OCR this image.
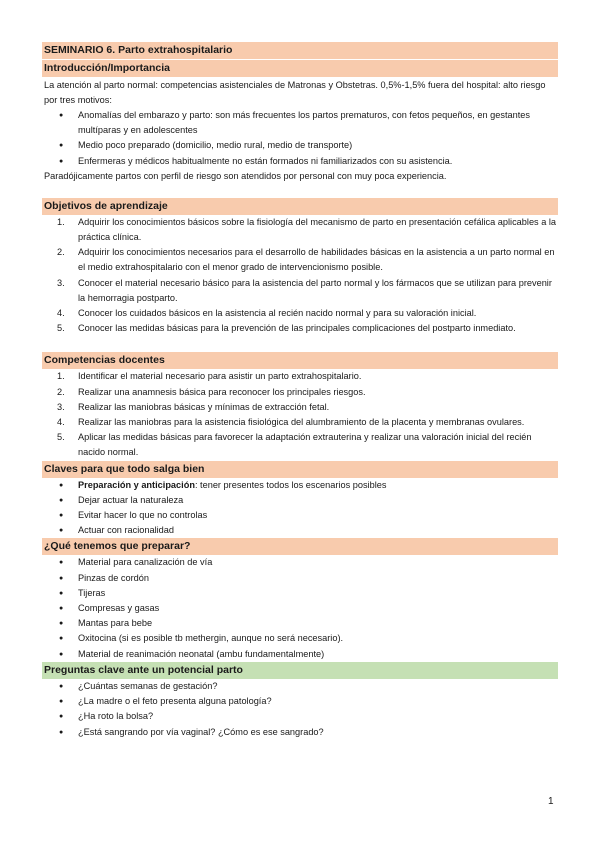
SEMINARIO 6. Parto extrahospitalario
Introducción/Importancia

La atención al parto normal: competencias asistenciales de Matronas y Obstetras. 0,5%-1,5% fuera del hospital: alto riesgo por tres motivos:

● Anomalías del embarazo y parto: son más frecuentes los partos prematuros, con fetos pequeños, en gestantes multíparas y en adolescentes
● Medio poco preparado (domicilio, medio rural, medio de transporte)
● Enfermeras y médicos habitualmente no están formados ni familiarizados con su asistencia.

Paradójicamente partos con perfil de riesgo son atendidos por personal con muy poca experiencia.

Objetivos de aprendizaje
1. Adquirir los conocimientos básicos sobre la fisiología del mecanismo de parto en presentación cefálica aplicables a la práctica clínica.
2. Adquirir los conocimientos necesarios para el desarrollo de habilidades básicas en la asistencia a un parto normal en el medio extrahospitalario con el menor grado de intervencionismo posible.
3. Conocer el material necesario básico para la asistencia del parto normal y los fármacos que se utilizan para prevenir la hemorragia postparto.
4. Conocer los cuidados básicos en la asistencia al recién nacido normal y para su valoración inicial.
5. Conocer las medidas básicas para la prevención de las principales complicaciones del postparto inmediato.
Competencias docentes
1. Identificar el material necesario para asistir un parto extrahospitalario.
2. Realizar una anamnesis básica para reconocer los principales riesgos.
3. Realizar las maniobras básicas y mínimas de extracción fetal.
4. Realizar las maniobras para la asistencia fisiológica del alumbramiento de la placenta y membranas ovulares.
5. Aplicar las medidas básicas para favorecer la adaptación extrauterina y realizar una valoración inicial del recién nacido normal.
Claves para que todo salga bien
● Preparación y anticipación: tener presentes todos los escenarios posibles
● Dejar actuar la naturaleza
● Evitar hacer lo que no controlas
● Actuar con racionalidad
¿Qué tenemos que preparar?
● Material para canalización de vía
● Pinzas de cordón
● Tijeras
● Compresas y gasas
● Mantas para bebe
● Oxitocina (si es posible tb methergin, aunque no será necesario).
● Material de reanimación neonatal (ambu fundamentalmente)
Preguntas clave ante un potencial parto
● ¿Cuántas semanas de gestación?
● ¿La madre o el feto presenta alguna patología?
● ¿Ha roto la bolsa?
● ¿Está sangrando por vía vaginal? ¿Cómo es ese sangrado?
1
